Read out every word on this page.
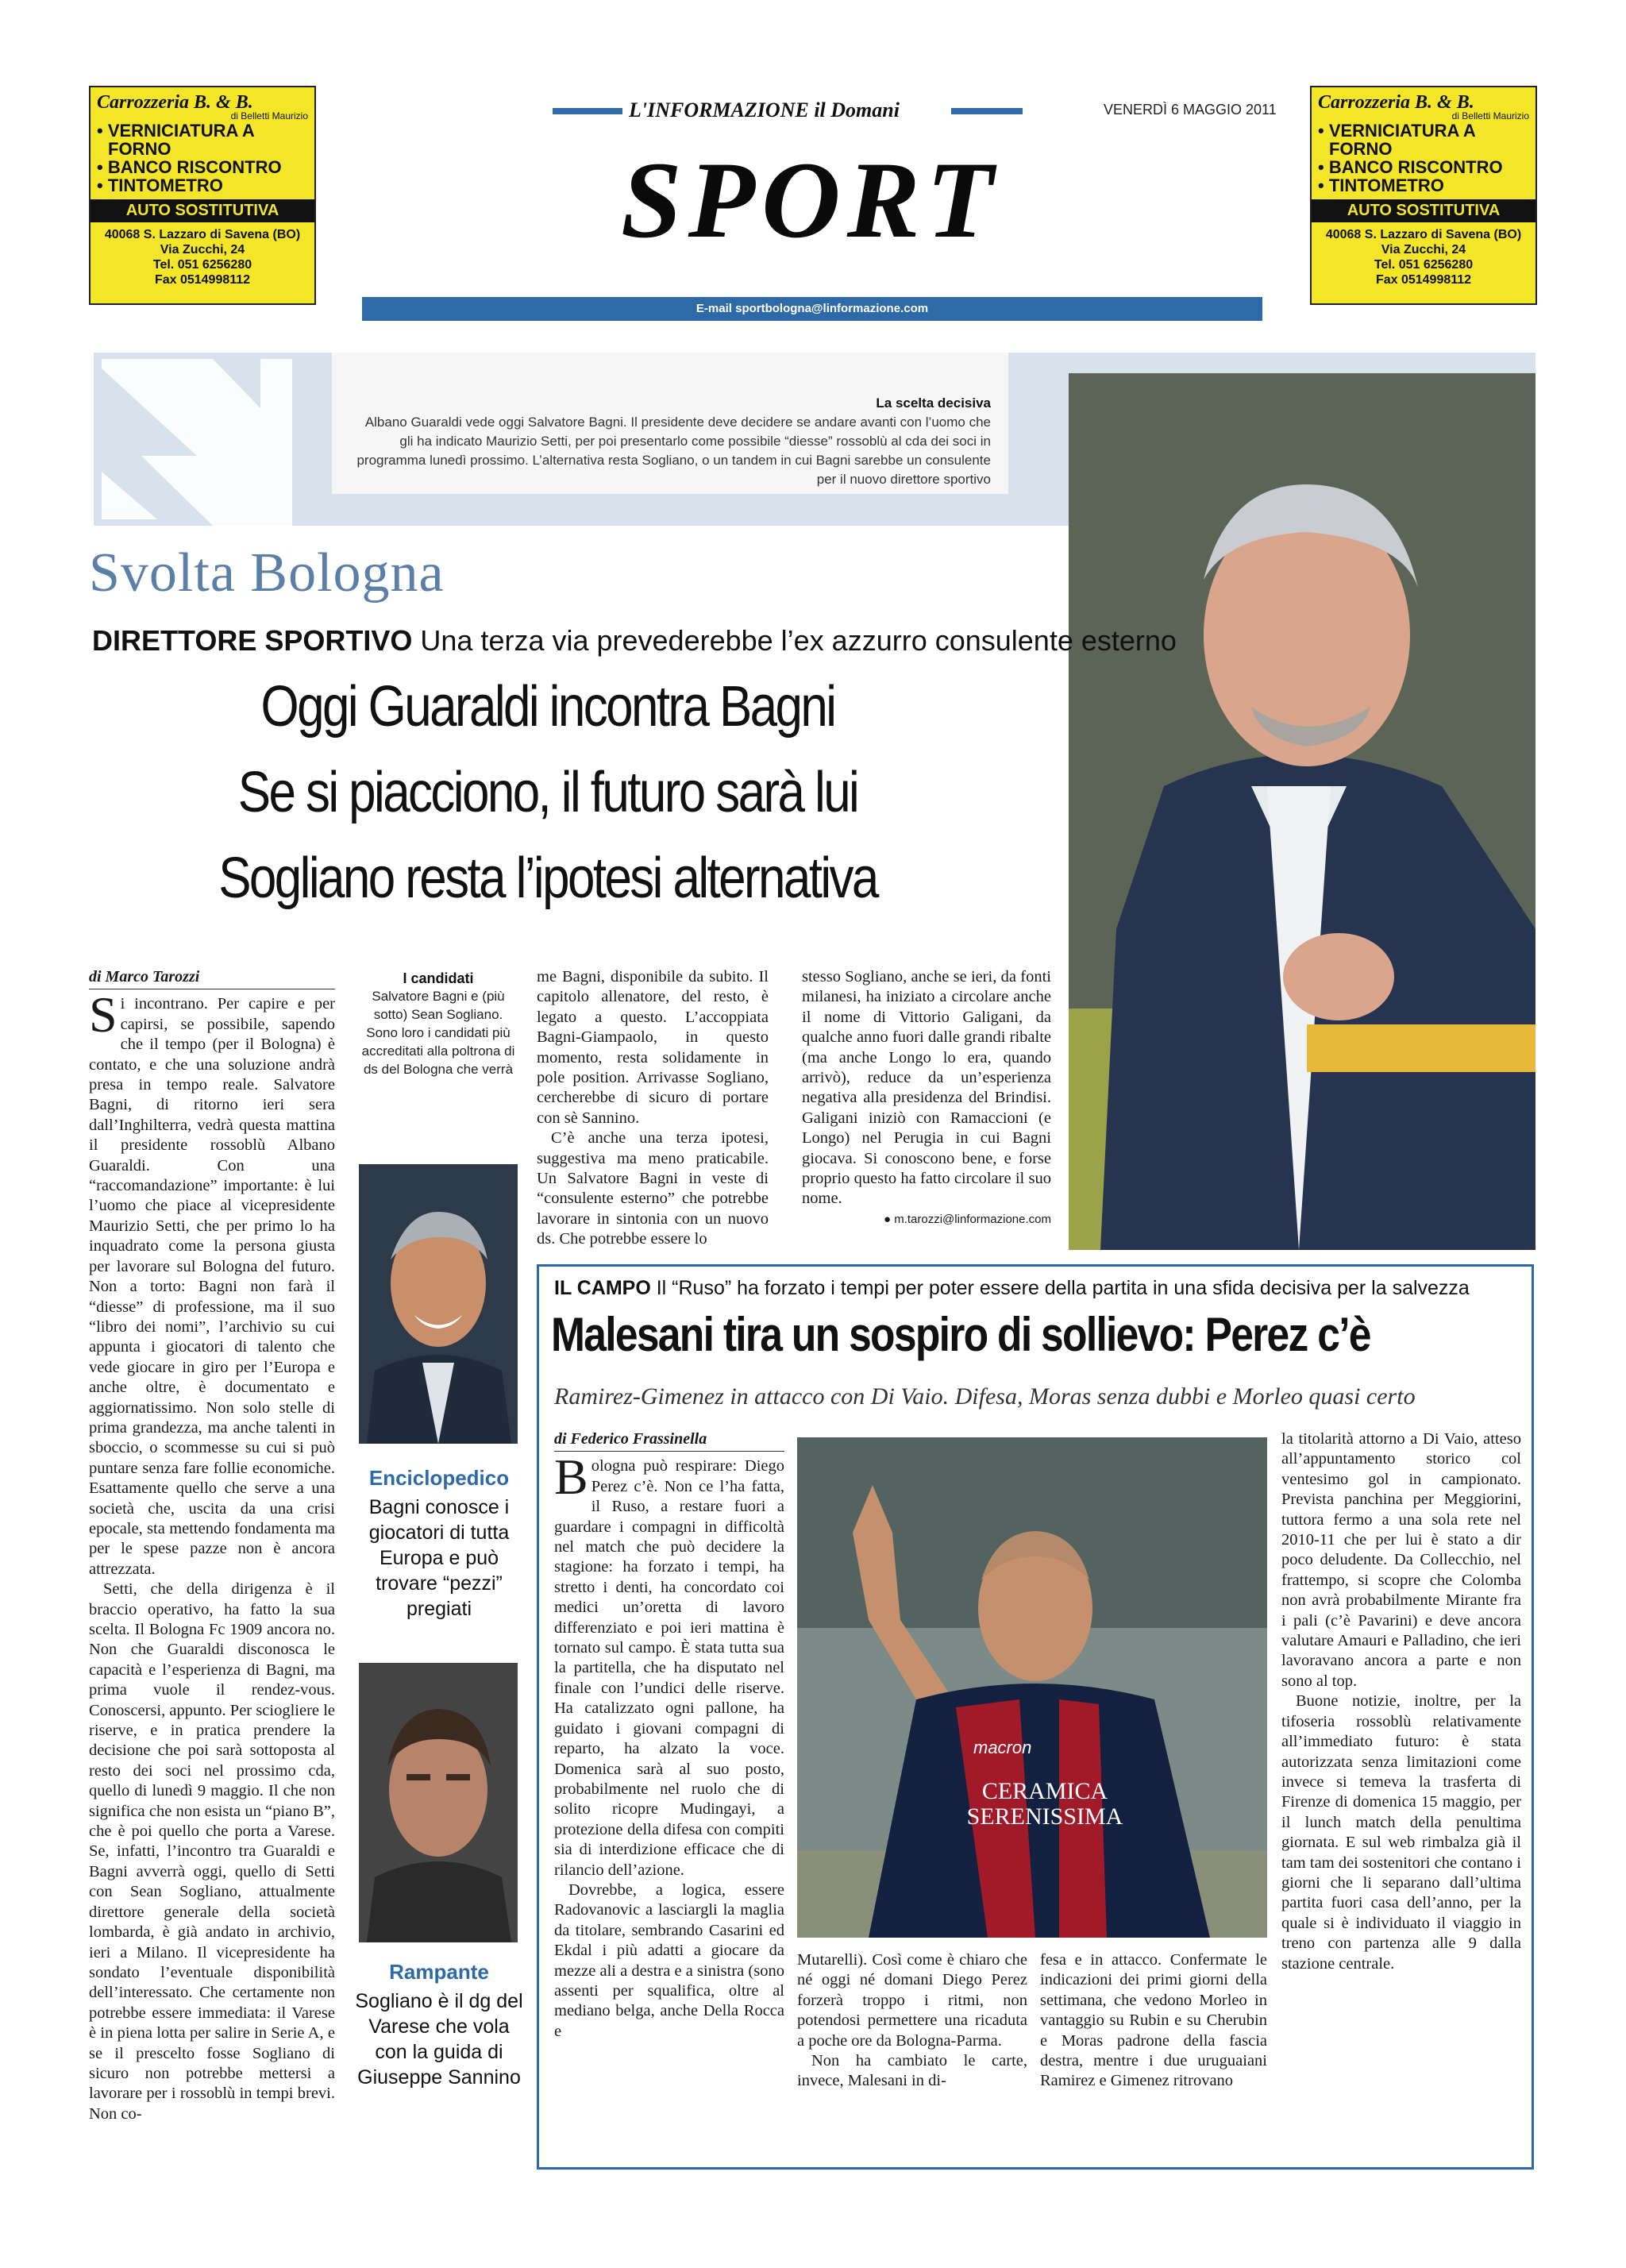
Carrozzeria B. & B.
di Belletti Maurizio
• VERNICIATURA A
FORNO
• BANCO RISCONTRO
• TINTOMETRO
AUTO SOSTITUTIVA
40068 S. Lazzaro di Savena (BO)
Via Zucchi, 24
Tel. 051 6256280
Fax 0514998112
Carrozzeria B. & B.
di Belletti Maurizio
• VERNICIATURA A
FORNO
• BANCO RISCONTRO
• TINTOMETRO
AUTO SOSTITUTIVA
40068 S. Lazzaro di Savena (BO)
Via Zucchi, 24
Tel. 051 6256280
Fax 0514998112
L'INFORMAZIONE il Domani	VENERDÌ 6 MAGGIO 2011
SPORT
E-mail sportbologna@linformazione.com
La scelta decisiva
Albano Guaraldi vede oggi Salvatore Bagni. Il presidente deve decidere se andare avanti con l’uomo che gli ha indicato Maurizio Setti, per poi presentarlo come possibile “diesse” rossoblù al cda dei soci in programma lunedì prossimo. L’alternativa resta Sogliano, o un tandem in cui Bagni sarebbe un consulente per il nuovo direttore sportivo
Svolta Bologna
DIRETTORE SPORTIVO Una terza via prevederebbe l’ex azzurro consulente esterno
Oggi Guaraldi incontra Bagni
Se si piacciono, il futuro sarà lui
Sogliano resta l’ipotesi alternativa
di Marco Tarozzi
S i incontrano. Per capire e per capirsi, se possibile, sapendo che il tempo (per il Bologna) è contato, e che una soluzione andrà presa in tempo reale. Salvatore Bagni, di ritorno ieri sera dall’Inghilterra, vedrà questa mattina il presidente rossoblù Albano Guaraldi. Con una “raccomandazione” importante: è lui l’uomo che piace al vicepresidente Maurizio Setti, che per primo lo ha inquadrato come la persona giusta per lavorare sul Bologna del futuro. Non a torto: Bagni non farà il “diesse” di professione, ma il suo “libro dei nomi”, l’archivio su cui appunta i giocatori di talento che vede giocare in giro per l’Europa e anche oltre, è documentato e aggiornatissimo. Non solo stelle di prima grandezza, ma anche talenti in sboccio, o scommesse su cui si può puntare senza fare follie economiche. Esattamente quello che serve a una società che, uscita da una crisi epocale, sta mettendo fondamenta ma per le spese pazze non è ancora attrezzata.
Setti, che della dirigenza è il braccio operativo, ha fatto la sua scelta. Il Bologna Fc 1909 ancora no. Non che Guaraldi disconosca le capacità e l’esperienza di Bagni, ma prima vuole il rendez-vous. Conoscersi, appunto. Per sciogliere le riserve, e in pratica prendere la decisione che poi sarà sottoposta al resto dei soci nel prossimo cda, quello di lunedì 9 maggio. Il che non significa che non esista un “piano B”, che è poi quello che porta a Varese. Se, infatti, l’incontro tra Guaraldi e Bagni avverrà oggi, quello di Setti con Sean Sogliano, attualmente direttore generale della società lombarda, è già andato in archivio, ieri a Milano. Il vicepresidente ha sondato l’eventuale disponibilità dell’interessato. Che certamente non potrebbe essere immediata: il Varese è in piena lotta per salire in Serie A, e se il prescelto fosse Sogliano di sicuro non potrebbe mettersi a lavorare per i rossoblù in tempi brevi. Non co-
I candidati
Salvatore Bagni e (più sotto) Sean Sogliano. Sono loro i candidati più accreditati alla poltrona di ds del Bologna che verrà
Enciclopedico
Bagni conosce i giocatori di tutta Europa e può trovare “pezzi” pregiati
Rampante
Sogliano è il dg del Varese che vola con la guida di Giuseppe Sannino
me Bagni, disponibile da subito. Il capitolo allenatore, del resto, è legato a questo. L’accoppiata Bagni-Giampaolo, in questo momento, resta solidamente in pole position. Arrivasse Sogliano, cercherebbe di sicuro di portare con sè Sannino.
C’è anche una terza ipotesi, suggestiva ma meno praticabile. Un Salvatore Bagni in veste di “consulente esterno” che potrebbe lavorare in sintonia con un nuovo ds. Che potrebbe essere lo
stesso Sogliano, anche se ieri, da fonti milanesi, ha iniziato a circolare anche il nome di Vittorio Galigani, da qualche anno fuori dalle grandi ribalte (ma anche Longo lo era, quando arrivò), reduce da un’esperienza negativa alla presidenza del Brindisi. Galigani iniziò con Ramaccioni (e Longo) nel Perugia in cui Bagni giocava. Si conoscono bene, e forse proprio questo ha fatto circolare il suo nome.
● m.tarozzi@linformazione.com
IL CAMPO Il “Ruso” ha forzato i tempi per poter essere della partita in una sfida decisiva per la salvezza
Malesani tira un sospiro di sollievo: Perez c’è
Ramirez-Gimenez in attacco con Di Vaio. Difesa, Moras senza dubbi e Morleo quasi certo
di Federico Frassinella
B ologna può respirare: Diego Perez c’è. Non ce l’ha fatta, il Ruso, a restare fuori a guardare i compagni in difficoltà nel match che può decidere la stagione: ha forzato i tempi, ha stretto i denti, ha concordato coi medici un’oretta di lavoro differenziato e poi ieri mattina è tornato sul campo. È stata tutta sua la partitella, che ha disputato nel finale con l’undici delle riserve. Ha catalizzato ogni pallone, ha guidato i giovani compagni di reparto, ha alzato la voce. Domenica sarà al suo posto, probabilmente nel ruolo che di solito ricopre Mudingayi, a protezione della difesa con compiti sia di interdizione efficace che di rilancio dell’azione.
Dovrebbe, a logica, essere Radovanovic a lasciargli la maglia da titolare, sembrando Casarini ed Ekdal i più adatti a giocare da mezze ali a destra e a sinistra (sono assenti per squalifica, oltre al mediano belga, anche Della Rocca e
macron
CERAMICA SERENISSIMA
Mutarelli). Così come è chiaro che né oggi né domani Diego Perez forzerà troppo i ritmi, non potendosi permettere una ricaduta a poche ore da Bologna-Parma.
Non ha cambiato le carte, invece, Malesani in di-
fesa e in attacco. Confermate le indicazioni dei primi giorni della settimana, che vedono Morleo in vantaggio su Rubin e su Cherubin e Moras padrone della fascia destra, mentre i due uruguaiani Ramirez e Gimenez ritrovano
la titolarità attorno a Di Vaio, atteso all’appuntamento storico col ventesimo gol in campionato. Prevista panchina per Meggiorini, tuttora fermo a una sola rete nel 2010-11 che per lui è stato a dir poco deludente. Da Collecchio, nel frattempo, si scopre che Colomba non avrà probabilmente Mirante fra i pali (c’è Pavarini) e deve ancora valutare Amauri e Palladino, che ieri lavoravano ancora a parte e non sono al top.
Buone notizie, inoltre, per la tifoseria rossoblù relativamente all’immediato futuro: è stata autorizzata senza limitazioni come invece si temeva la trasferta di Firenze di domenica 15 maggio, per il lunch match della penultima giornata. E sul web rimbalza già il tam tam dei sostenitori che contano i giorni che li separano dall’ultima partita fuori casa dell’anno, per la quale si è individuato il viaggio in treno con partenza alle 9 dalla stazione centrale.
